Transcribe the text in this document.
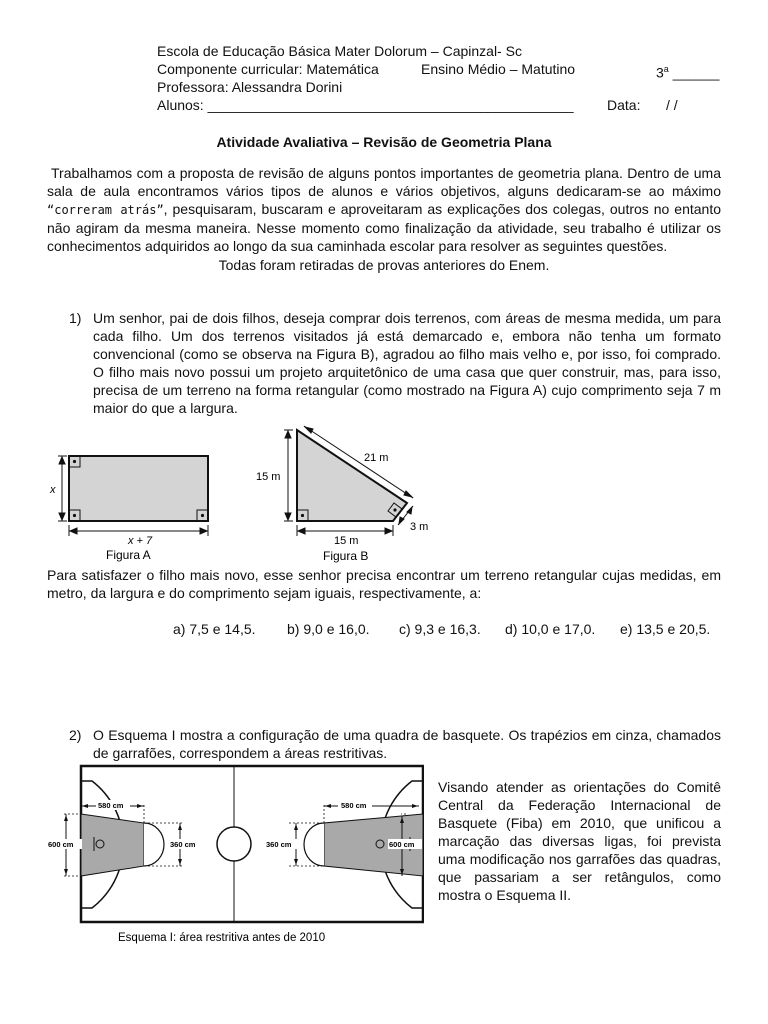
Escola de Educação Básica Mater Dolorum – Capinzal- Sc
Componente curricular: Matemática	Ensino Médio – Matutino	3$^a$ ______
Professora: Alessandra Dorini
Alunos: _______________________________________________ Data: / /
Atividade Avaliativa – Revisão de Geometria Plana
Trabalhamos com a proposta de revisão de alguns pontos importantes de geometria plana. Dentro de uma sala de aula encontramos vários tipos de alunos e vários objetivos, alguns dedicaram-se ao máximo “correram atrás”, pesquisaram, buscaram e aproveitaram as explicações dos colegas, outros no entanto não agiram da mesma maneira. Nesse momento como finalização da atividade, seu trabalho é utilizar os conhecimentos adquiridos ao longo da sua caminhada escolar para resolver as seguintes questões.
Todas foram retiradas de provas anteriores do Enem.
1) Um senhor, pai de dois filhos, deseja comprar dois terrenos, com áreas de mesma medida, um para cada filho. Um dos terrenos visitados já está demarcado e, embora não tenha um formato convencional (como se observa na Figura B), agradou ao filho mais velho e, por isso, foi comprado. O filho mais novo possui um projeto arquitetônico de uma casa que quer construir, mas, para isso, precisa de um terreno na forma retangular (como mostrado na Figura A) cujo comprimento seja 7 m maior do que a largura.
x
x + 7
Figura A
15 m
21 m
15 m
3 m
Figura B
Para satisfazer o filho mais novo, esse senhor precisa encontrar um terreno retangular cujas medidas, em metro, da largura e do comprimento sejam iguais, respectivamente, a:
a) 7,5 e 14,5. b) 9,0 e 16,0. c) 9,3 e 16,3. d) 10,0 e 17,0. e) 13,5 e 20,5.
2) O Esquema I mostra a configuração de uma quadra de basquete. Os trapézios em cinza, chamados de garrafões, correspondem a áreas restritivas.
580 cm
600 cm	360 cm
580 cm
600 cm
360 cm
Esquema I: área restritiva antes de 2010
Visando atender as orientações do Comitê Central da Federação Internacional de Basquete (Fiba) em 2010, que unificou a marcação das diversas ligas, foi prevista uma modificação nos garrafões das quadras, que passariam a ser retângulos, como mostra o Esquema II.
